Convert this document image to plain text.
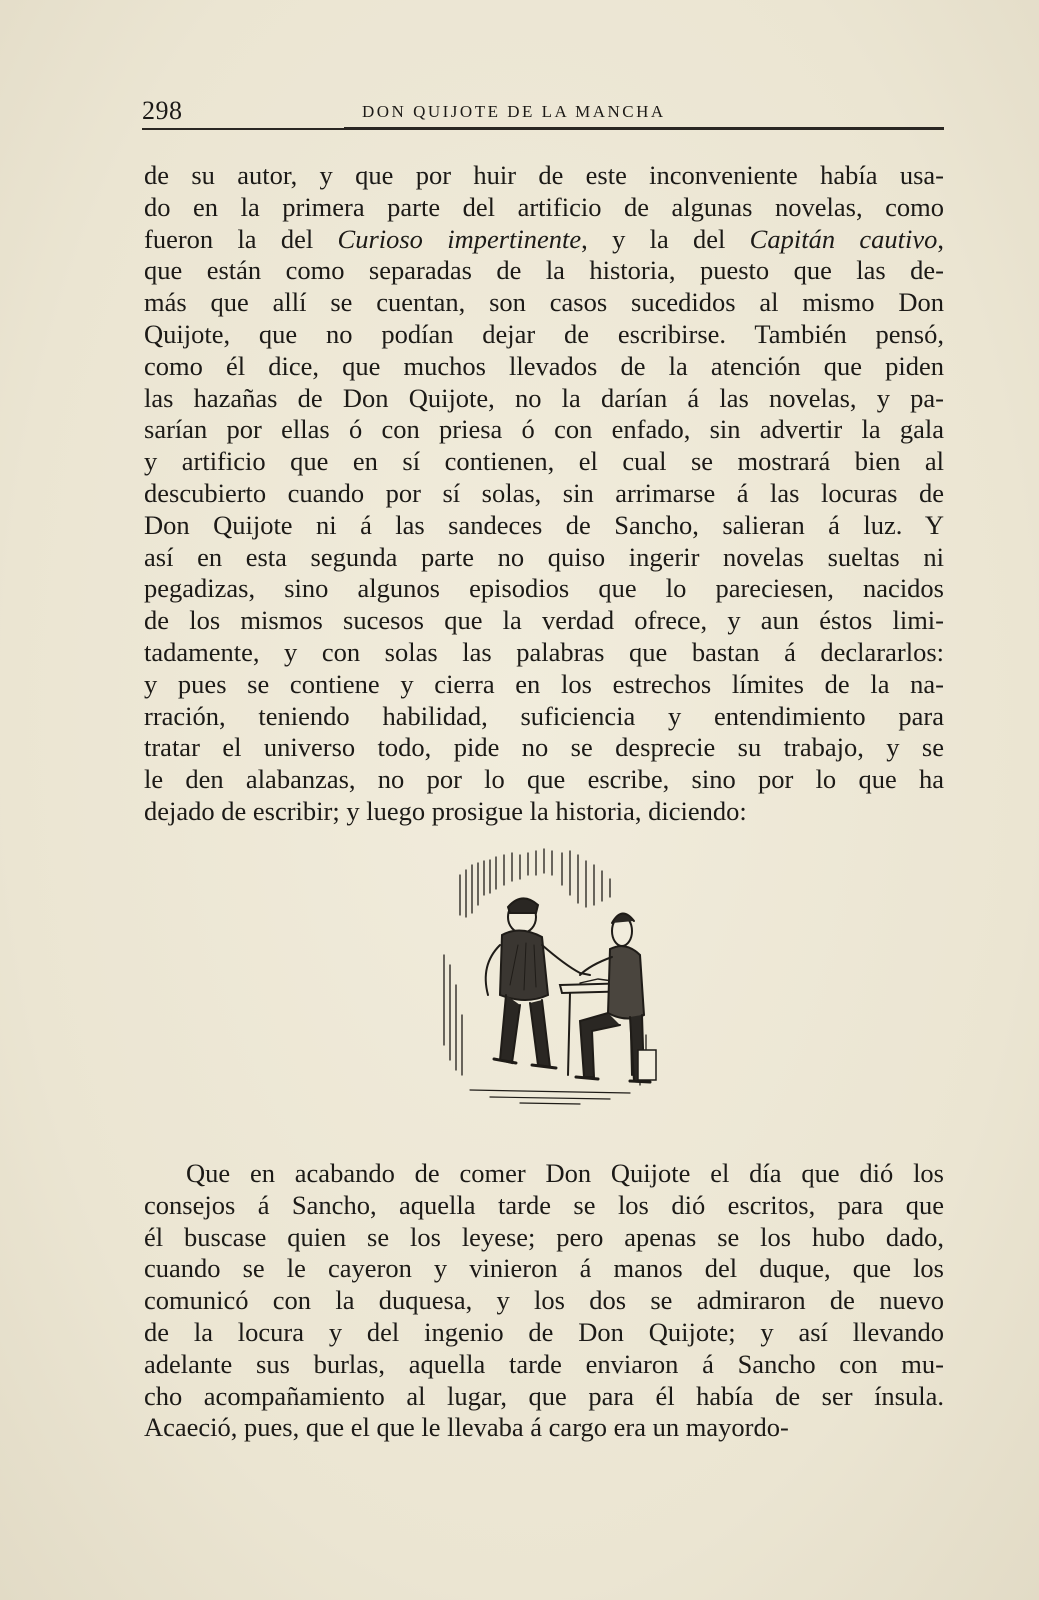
298	DON QUIJOTE DE LA MANCHA
de su autor, y que por huir de este inconveniente había usa-
do en la primera parte del artificio de algunas novelas, como
fueron la del Curioso impertinente, y la del Capitán cautivo,
que están como separadas de la historia, puesto que las de-
más que allí se cuentan, son casos sucedidos al mismo Don
Quijote, que no podían dejar de escribirse. También pensó,
como él dice, que muchos llevados de la atención que piden
las hazañas de Don Quijote, no la darían á las novelas, y pa-
sarían por ellas ó con priesa ó con enfado, sin advertir la gala
y artificio que en sí contienen, el cual se mostrará bien al
descubierto cuando por sí solas, sin arrimarse á las locuras de
Don Quijote ni á las sandeces de Sancho, salieran á luz. Y
así en esta segunda parte no quiso ingerir novelas sueltas ni
pegadizas, sino algunos episodios que lo pareciesen, nacidos
de los mismos sucesos que la verdad ofrece, y aun éstos limi-
tadamente, y con solas las palabras que bastan á declararlos:
y pues se contiene y cierra en los estrechos límites de la na-
rración, teniendo habilidad, suficiencia y entendimiento para
tratar el universo todo, pide no se desprecie su trabajo, y se
le den alabanzas, no por lo que escribe, sino por lo que ha
dejado de escribir; y luego prosigue la historia, diciendo:
Que en acabando de comer Don Quijote el día que dió los
consejos á Sancho, aquella tarde se los dió escritos, para que
él buscase quien se los leyese; pero apenas se los hubo dado,
cuando se le cayeron y vinieron á manos del duque, que los
comunicó con la duquesa, y los dos se admiraron de nuevo
de la locura y del ingenio de Don Quijote; y así llevando
adelante sus burlas, aquella tarde enviaron á Sancho con mu-
cho acompañamiento al lugar, que para él había de ser ínsula.
Acaeció, pues, que el que le llevaba á cargo era un mayordo-
